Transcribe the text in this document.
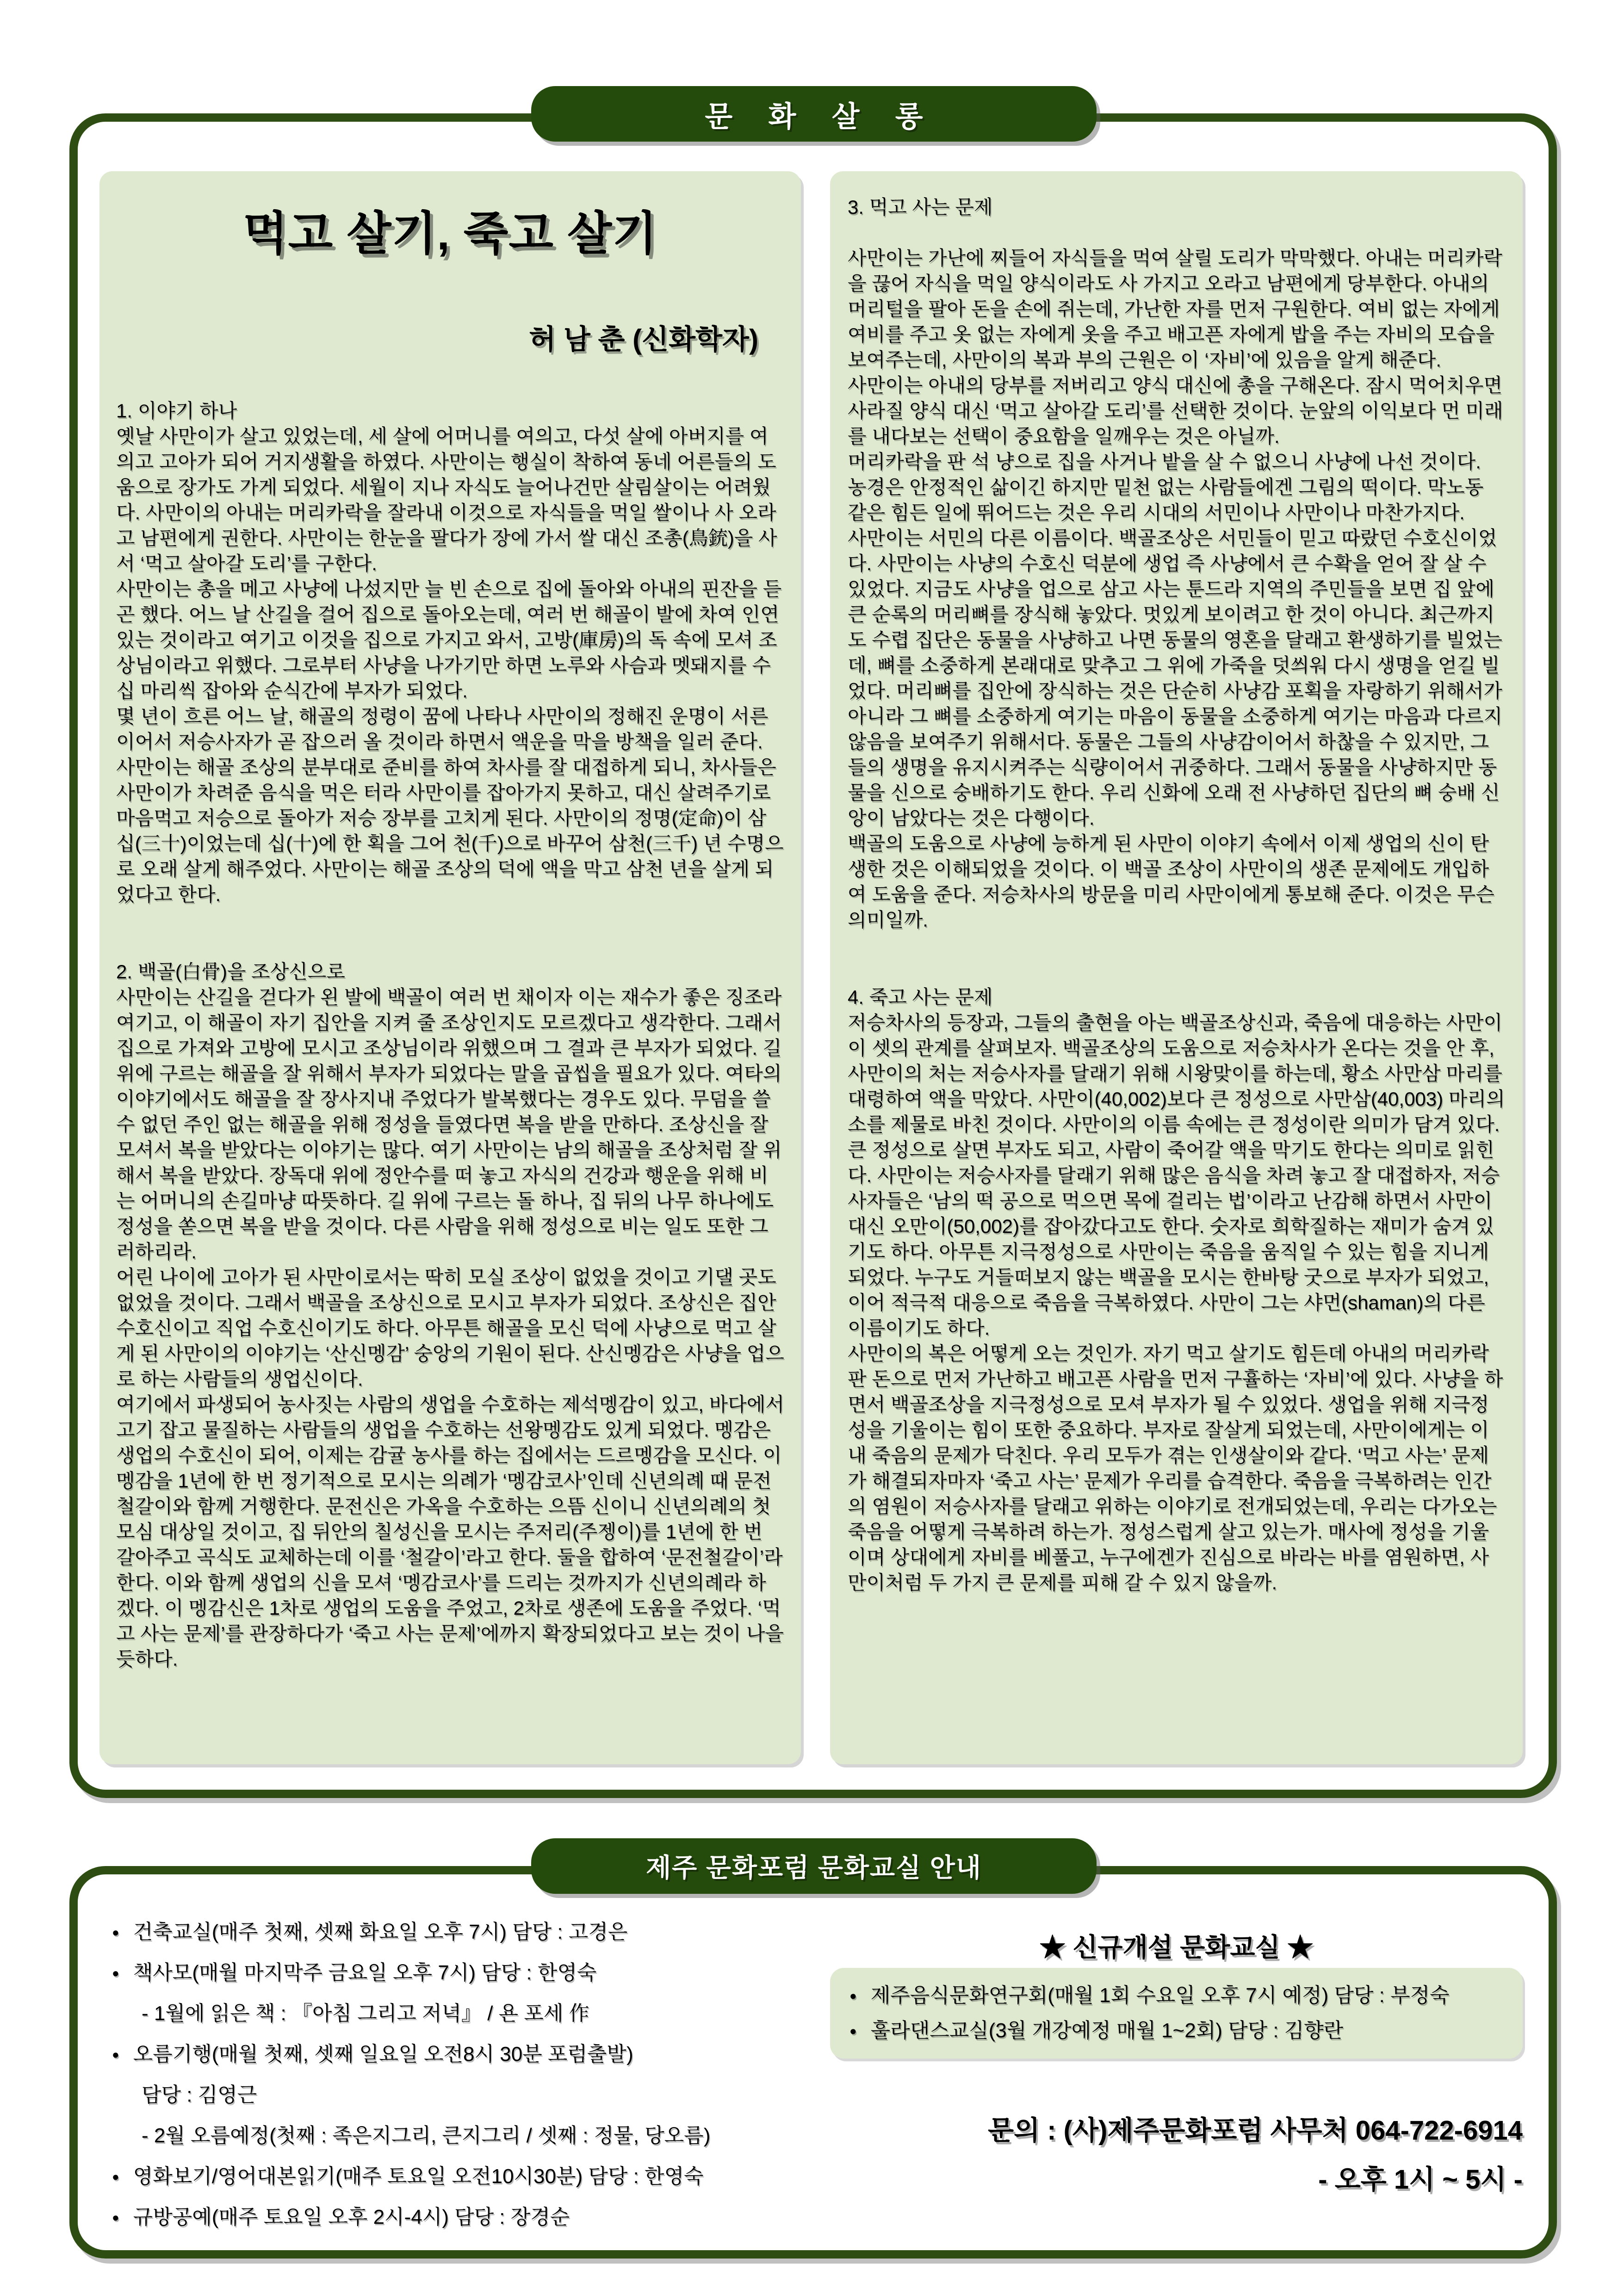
문 화 살 롱
먹고 살기, 죽고 살기
허 남 춘 (신화학자)
1. 이야기 하나

옛날 사만이가 살고 있었는데, 세 살에 어머니를 여의고, 다섯 살에 아버지를 여의고 고아가 되어 거지생활을 하였다. 사만이는 행실이 착하여 동네 어른들의 도움으로 장가도 가게 되었다. 세월이 지나 자식도 늘어나건만 살림살이는 어려웠다. 사만이의 아내는 머리카락을 잘라내 이것으로 자식들을 먹일 쌀이나 사 오라고 남편에게 권한다. 사만이는 한눈을 팔다가 장에 가서 쌀 대신 조총(鳥銃)을 사서 ‘먹고 살아갈 도리’를 구한다.

사만이는 총을 메고 사냥에 나섰지만 늘 빈 손으로 집에 돌아와 아내의 핀잔을 듣곤 했다. 어느 날 산길을 걸어 집으로 돌아오는데, 여러 번 해골이 발에 차여 인연 있는 것이라고 여기고 이것을 집으로 가지고 와서, 고방(庫房)의 독 속에 모셔 조상님이라고 위했다. 그로부터 사냥을 나가기만 하면 노루와 사슴과 멧돼지를 수십 마리씩 잡아와 순식간에 부자가 되었다.

몇 년이 흐른 어느 날, 해골의 정령이 꿈에 나타나 사만이의 정해진 운명이 서른이어서 저승사자가 곧 잡으러 올 것이라 하면서 액운을 막을 방책을 일러 준다. 사만이는 해골 조상의 분부대로 준비를 하여 차사를 잘 대접하게 되니, 차사들은 사만이가 차려준 음식을 먹은 터라 사만이를 잡아가지 못하고, 대신 살려주기로 마음먹고 저승으로 돌아가 저승 장부를 고치게 된다. 사만이의 정명(定命)이 삼십(三十)이었는데 십(十)에 한 획을 그어 천(千)으로 바꾸어 삼천(三千) 년 수명으로 오래 살게 해주었다. 사만이는 해골 조상의 덕에 액을 막고 삼천 년을 살게 되었다고 한다.

2. 백골(白骨)을 조상신으로

사만이는 산길을 걷다가 왼 발에 백골이 여러 번 채이자 이는 재수가 좋은 징조라 여기고, 이 해골이 자기 집안을 지켜 줄 조상인지도 모르겠다고 생각한다. 그래서 집으로 가져와 고방에 모시고 조상님이라 위했으며 그 결과 큰 부자가 되었다. 길 위에 구르는 해골을 잘 위해서 부자가 되었다는 말을 곱씹을 필요가 있다. 여타의 이야기에서도 해골을 잘 장사지내 주었다가 발복했다는 경우도 있다. 무덤을 쓸 수 없던 주인 없는 해골을 위해 정성을 들였다면 복을 받을 만하다. 조상신을 잘 모셔서 복을 받았다는 이야기는 많다. 여기 사만이는 남의 해골을 조상처럼 잘 위해서 복을 받았다. 장독대 위에 정안수를 떠 놓고 자식의 건강과 행운을 위해 비는 어머니의 손길마냥 따뜻하다. 길 위에 구르는 돌 하나, 집 뒤의 나무 하나에도 정성을 쏟으면 복을 받을 것이다. 다른 사람을 위해 정성으로 비는 일도 또한 그러하리라.

어린 나이에 고아가 된 사만이로서는 딱히 모실 조상이 없었을 것이고 기댈 곳도 없었을 것이다. 그래서 백골을 조상신으로 모시고 부자가 되었다. 조상신은 집안 수호신이고 직업 수호신이기도 하다. 아무튼 해골을 모신 덕에 사냥으로 먹고 살게 된 사만이의 이야기는 ‘산신멩감’ 숭앙의 기원이 된다. 산신멩감은 사냥을 업으로 하는 사람들의 생업신이다.

여기에서 파생되어 농사짓는 사람의 생업을 수호하는 제석멩감이 있고, 바다에서 고기 잡고 물질하는 사람들의 생업을 수호하는 선왕멩감도 있게 되었다. 멩감은 생업의 수호신이 되어, 이제는 감귤 농사를 하는 집에서는 드르멩감을 모신다. 이 멩감을 1년에 한 번 정기적으로 모시는 의례가 ‘멩감코사’인데 신년의례 때 문전철갈이와 함께 거행한다. 문전신은 가옥을 수호하는 으뜸 신이니 신년의례의 첫 모심 대상일 것이고, 집 뒤안의 칠성신을 모시는 주저리(주젱이)를 1년에 한 번 갈아주고 곡식도 교체하는데 이를 ‘철갈이’라고 한다. 둘을 합하여 ‘문전철갈이’라 한다. 이와 함께 생업의 신을 모셔 ‘멩감코사’를 드리는 것까지가 신년의례라 하겠다. 이 멩감신은 1차로 생업의 도움을 주었고, 2차로 생존에 도움을 주었다. ‘먹고 사는 문제’를 관장하다가 ‘죽고 사는 문제’에까지 확장되었다고 보는 것이 나을 듯하다.

3. 먹고 사는 문제

사만이는 가난에 찌들어 자식들을 먹여 살릴 도리가 막막했다. 아내는 머리카락을 끊어 자식을 먹일 양식이라도 사 가지고 오라고 남편에게 당부한다. 아내의 머리털을 팔아 돈을 손에 쥐는데, 가난한 자를 먼저 구원한다. 여비 없는 자에게 여비를 주고 옷 없는 자에게 옷을 주고 배고픈 자에게 밥을 주는 자비의 모습을 보여주는데, 사만이의 복과 부의 근원은 이 ‘자비’에 있음을 알게 해준다.

사만이는 아내의 당부를 저버리고 양식 대신에 총을 구해온다. 잠시 먹어치우면 사라질 양식 대신 ‘먹고 살아갈 도리’를 선택한 것이다. 눈앞의 이익보다 먼 미래를 내다보는 선택이 중요함을 일깨우는 것은 아닐까.

머리카락을 판 석 냥으로 집을 사거나 밭을 살 수 없으니 사냥에 나선 것이다. 농경은 안정적인 삶이긴 하지만 밑천 없는 사람들에겐 그림의 떡이다. 막노동 같은 힘든 일에 뛰어드는 것은 우리 시대의 서민이나 사만이나 마찬가지다.

사만이는 서민의 다른 이름이다. 백골조상은 서민들이 믿고 따랐던 수호신이었다. 사만이는 사냥의 수호신 덕분에 생업 즉 사냥에서 큰 수확을 얻어 잘 살 수 있었다. 지금도 사냥을 업으로 삼고 사는 툰드라 지역의 주민들을 보면 집 앞에 큰 순록의 머리뼈를 장식해 놓았다. 멋있게 보이려고 한 것이 아니다. 최근까지도 수렵 집단은 동물을 사냥하고 나면 동물의 영혼을 달래고 환생하기를 빌었는데, 뼈를 소중하게 본래대로 맞추고 그 위에 가죽을 덧씌워 다시 생명을 얻길 빌었다. 머리뼈를 집안에 장식하는 것은 단순히 사냥감 포획을 자랑하기 위해서가 아니라 그 뼈를 소중하게 여기는 마음이 동물을 소중하게 여기는 마음과 다르지 않음을 보여주기 위해서다. 동물은 그들의 사냥감이어서 하찮을 수 있지만, 그들의 생명을 유지시켜주는 식량이어서 귀중하다. 그래서 동물을 사냥하지만 동물을 신으로 숭배하기도 한다. 우리 신화에 오래 전 사냥하던 집단의 뼈 숭배 신앙이 남았다는 것은 다행이다.

백골의 도움으로 사냥에 능하게 된 사만이 이야기 속에서 이제 생업의 신이 탄생한 것은 이해되었을 것이다. 이 백골 조상이 사만이의 생존 문제에도 개입하여 도움을 준다. 저승차사의 방문을 미리 사만이에게 통보해 준다. 이것은 무슨 의미일까.

4. 죽고 사는 문제

저승차사의 등장과, 그들의 출현을 아는 백골조상신과, 죽음에 대응하는 사만이 이 셋의 관계를 살펴보자. 백골조상의 도움으로 저승차사가 온다는 것을 안 후, 사만이의 처는 저승사자를 달래기 위해 시왕맞이를 하는데, 황소 사만삼 마리를 대령하여 액을 막았다. 사만이(40,002)보다 큰 정성으로 사만삼(40,003) 마리의 소를 제물로 바친 것이다. 사만이의 이름 속에는 큰 정성이란 의미가 담겨 있다. 큰 정성으로 살면 부자도 되고, 사람이 죽어갈 액을 막기도 한다는 의미로 읽힌다. 사만이는 저승사자를 달래기 위해 많은 음식을 차려 놓고 잘 대접하자, 저승사자들은 ‘남의 떡 공으로 먹으면 목에 걸리는 법’이라고 난감해 하면서 사만이 대신 오만이(50,002)를 잡아갔다고도 한다. 숫자로 희학질하는 재미가 숨겨 있기도 하다. 아무튼 지극정성으로 사만이는 죽음을 움직일 수 있는 힘을 지니게 되었다. 누구도 거들떠보지 않는 백골을 모시는 한바탕 굿으로 부자가 되었고, 이어 적극적 대응으로 죽음을 극복하였다. 사만이 그는 샤먼(shaman)의 다른 이름이기도 하다.

사만이의 복은 어떻게 오는 것인가. 자기 먹고 살기도 힘든데 아내의 머리카락 판 돈으로 먼저 가난하고 배고픈 사람을 먼저 구휼하는 ‘자비’에 있다. 사냥을 하면서 백골조상을 지극정성으로 모셔 부자가 될 수 있었다. 생업을 위해 지극정성을 기울이는 힘이 또한 중요하다. 부자로 잘살게 되었는데, 사만이에게는 이내 죽음의 문제가 닥친다. 우리 모두가 겪는 인생살이와 같다. ‘먹고 사는’ 문제가 해결되자마자 ‘죽고 사는’ 문제가 우리를 습격한다. 죽음을 극복하려는 인간의 염원이 저승사자를 달래고 위하는 이야기로 전개되었는데, 우리는 다가오는 죽음을 어떻게 극복하려 하는가. 정성스럽게 살고 있는가. 매사에 정성을 기울이며 상대에게 자비를 베풀고, 누구에겐가 진심으로 바라는 바를 염원하면, 사만이처럼 두 가지 큰 문제를 피해 갈 수 있지 않을까.

제주 문화포럼 문화교실 안내
● 건축교실(매주 첫째, 셋째 화요일 오후 7시) 담당 : 고경은
● 책사모(매월 마지막주 금요일 오후 7시) 담당 : 한영숙
- 1월에 읽은 책 : 『아침 그리고 저녁』 / 욘 포세 作
● 오름기행(매월 첫째, 셋째 일요일 오전8시 30분 포럼출발)
담당 : 김영근
- 2월 오름예정(첫째 : 족은지그리, 큰지그리 / 셋째 : 정물, 당오름)
● 영화보기/영어대본읽기(매주 토요일 오전10시30분) 담당 : 한영숙
● 규방공예(매주 토요일 오후 2시-4시) 담당 : 장경순
★ 신규개설 문화교실 ★
● 제주음식문화연구회(매월 1회 수요일 오후 7시 예정) 담당 : 부정숙
● 훌라댄스교실(3월 개강예정 매월 1~2회) 담당 : 김향란
문의 : (사)제주문화포럼 사무처 064-722-6914
- 오후 1시 ~ 5시 -
